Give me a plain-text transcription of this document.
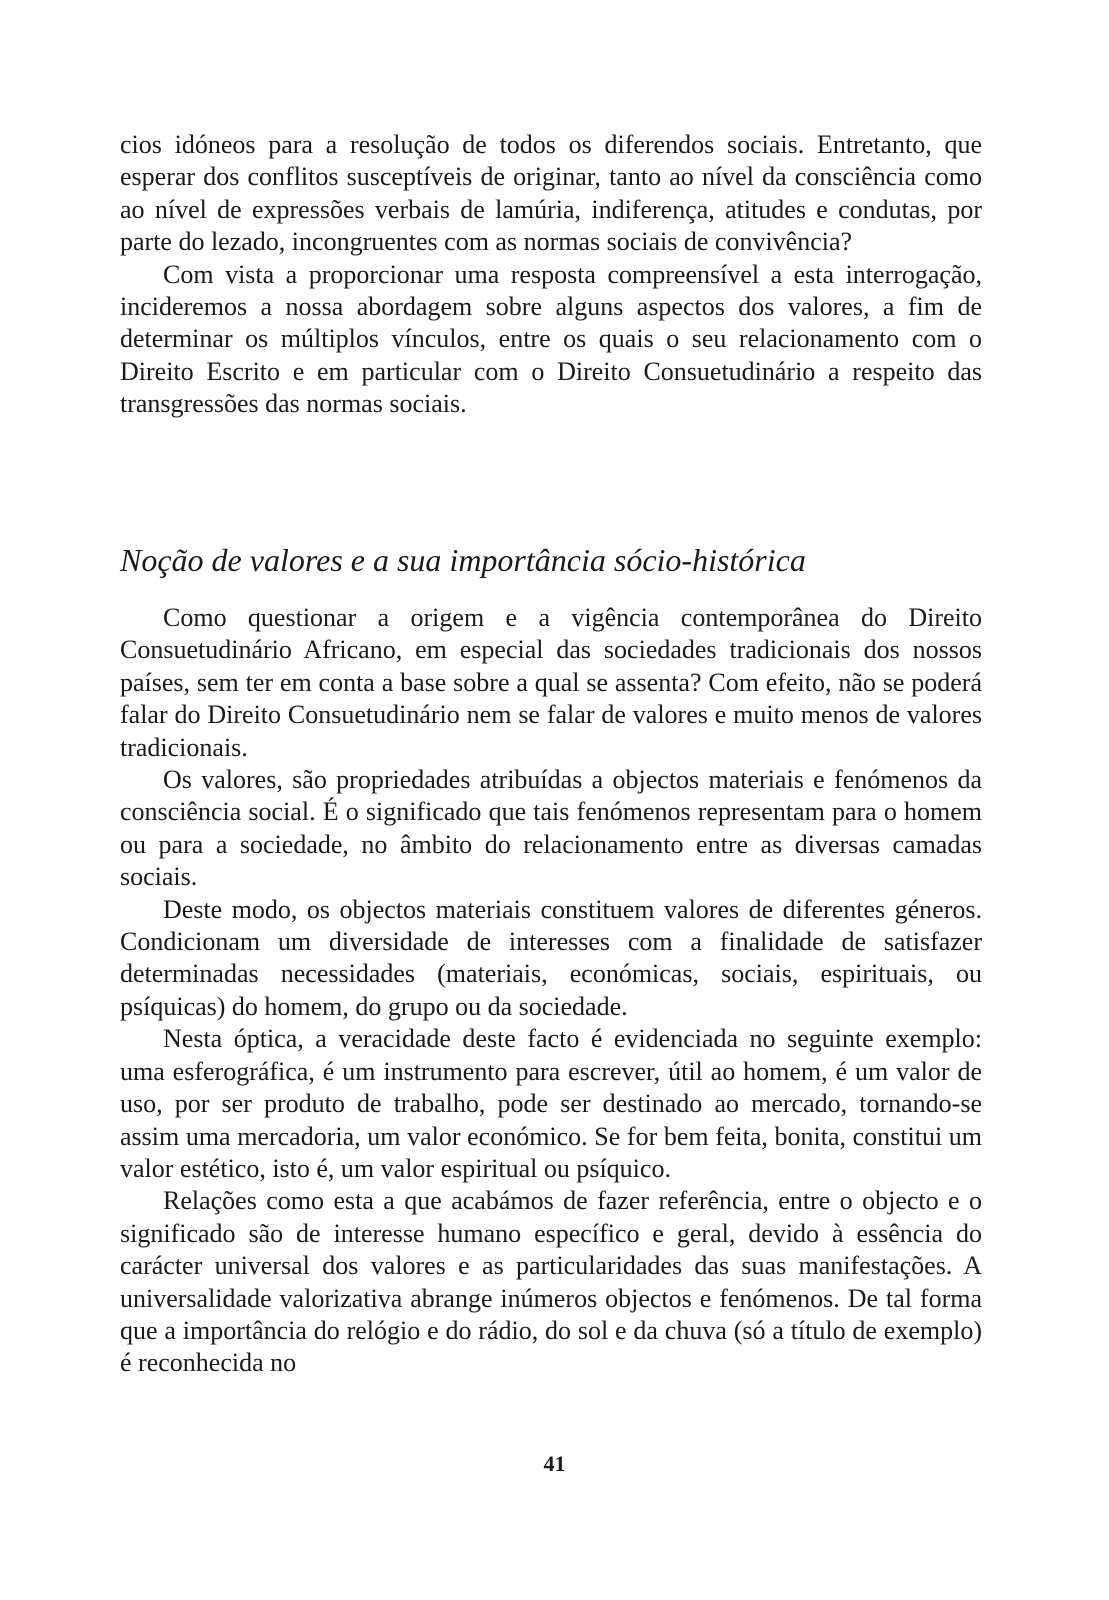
cios idóneos para a resolução de todos os diferendos sociais. Entretanto, que esperar dos conflitos susceptíveis de originar, tanto ao nível da consciência como ao nível de expressões verbais de lamúria, indiferença, atitudes e condutas, por parte do lezado, incongruentes com as normas sociais de convivência?

Com vista a proporcionar uma resposta compreensível a esta interrogação, incideremos a nossa abordagem sobre alguns aspectos dos valores, a fim de determinar os múltiplos vínculos, entre os quais o seu relacionamento com o Direito Escrito e em particular com o Direito Consuetudinário a respeito das transgressões das normas sociais.

Noção de valores e a sua importância sócio-histórica

Como questionar a origem e a vigência contemporânea do Direito Consuetudinário Africano, em especial das sociedades tradicionais dos nossos países, sem ter em conta a base sobre a qual se assenta? Com efeito, não se poderá falar do Direito Consuetudinário nem se falar de valores e muito menos de valores tradicionais.

Os valores, são propriedades atribuídas a objectos materiais e fenómenos da consciência social. É o significado que tais fenómenos representam para o homem ou para a sociedade, no âmbito do relacionamento entre as diversas camadas sociais.

Deste modo, os objectos materiais constituem valores de diferentes géneros. Condicionam um diversidade de interesses com a finalidade de satisfazer determinadas necessidades (materiais, económicas, sociais, espirituais, ou psíquicas) do homem, do grupo ou da sociedade.

Nesta óptica, a veracidade deste facto é evidenciada no seguinte exemplo: uma esferográfica, é um instrumento para escrever, útil ao homem, é um valor de uso, por ser produto de trabalho, pode ser destinado ao mercado, tornando-se assim uma mercadoria, um valor económico. Se for bem feita, bonita, constitui um valor estético, isto é, um valor espiritual ou psíquico.

Relações como esta a que acabámos de fazer referência, entre o objecto e o significado são de interesse humano específico e geral, devido à essência do carácter universal dos valores e as particularidades das suas manifestações. A universalidade valorizativa abrange inúmeros objectos e fenómenos. De tal forma que a importância do relógio e do rádio, do sol e da chuva (só a título de exemplo) é reconhecida no

41
